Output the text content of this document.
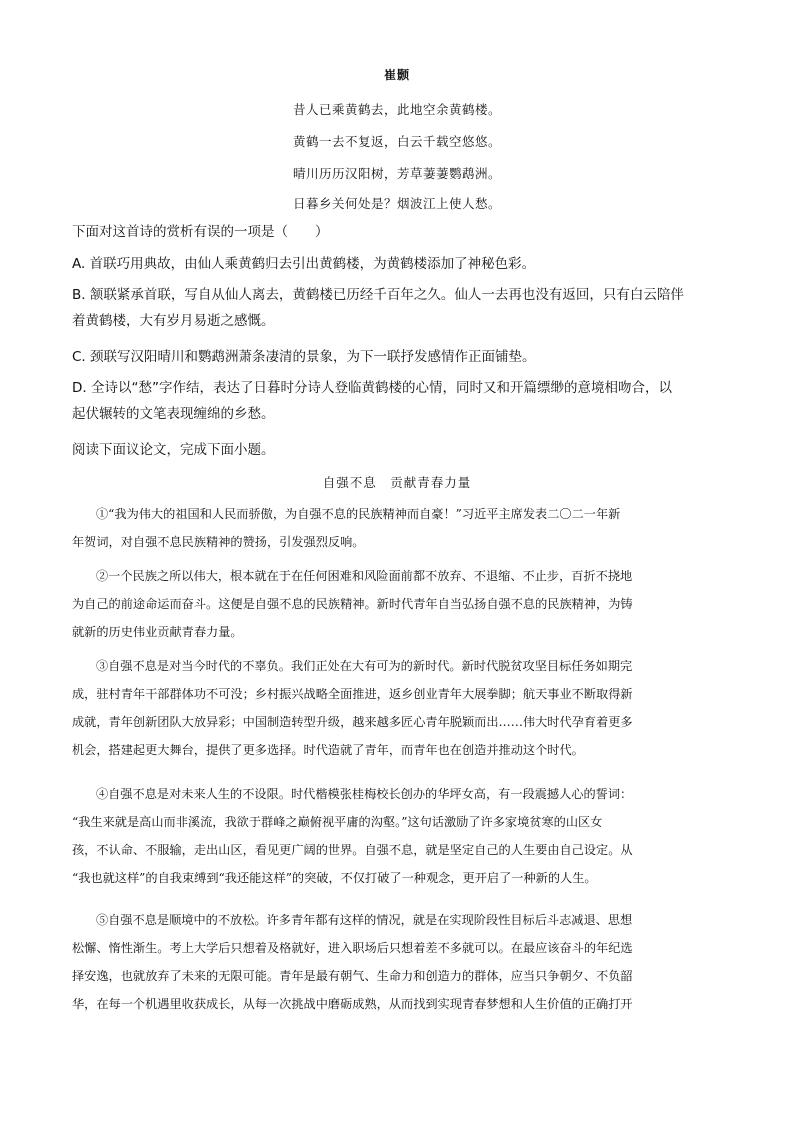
崔颢
昔人已乘黄鹤去，此地空余黄鹤楼。
黄鹤一去不复返，白云千载空悠悠。
晴川历历汉阳树，芳草萋萋鹦鹉洲。
日暮乡关何处是？烟波江上使人愁。
下面对这首诗的赏析有误的一项是（　　）
A. 首联巧用典故，由仙人乘黄鹤归去引出黄鹤楼，为黄鹤楼添加了神秘色彩。
B. 颔联紧承首联，写自从仙人离去，黄鹤楼已历经千百年之久。仙人一去再也没有返回，只有白云陪伴
着黄鹤楼，大有岁月易逝之感慨。
C. 颈联写汉阳晴川和鹦鹉洲萧条凄清的景象，为下一联抒发感情作正面铺垫。
D. 全诗以“愁”字作结，表达了日暮时分诗人登临黄鹤楼的心情，同时又和开篇缥缈的意境相吻合，以
起伏辗转的文笔表现缠绵的乡愁。
阅读下面议论文，完成下面小题。
自强不息　贡献青春力量
①“我为伟大的祖国和人民而骄傲，为自强不息的民族精神而自豪！”习近平主席发表二〇二一年新
年贺词，对自强不息民族精神的赞扬，引发强烈反响。
②一个民族之所以伟大，根本就在于在任何困难和风险面前都不放弃、不退缩、不止步，百折不挠地
为自己的前途命运而奋斗。这便是自强不息的民族精神。新时代青年自当弘扬自强不息的民族精神，为铸
就新的历史伟业贡献青春力量。
③自强不息是对当今时代的不辜负。我们正处在大有可为的新时代。新时代脱贫攻坚目标任务如期完
成，驻村青年干部群体功不可没；乡村振兴战略全面推进，返乡创业青年大展拳脚；航天事业不断取得新
成就，青年创新团队大放异彩；中国制造转型升级，越来越多匠心青年脱颖而出……伟大时代孕育着更多
机会，搭建起更大舞台，提供了更多选择。时代造就了青年，而青年也在创造并推动这个时代。
④自强不息是对未来人生的不设限。时代楷模张桂梅校长创办的华坪女高，有一段震撼人心的誓词：
“我生来就是高山而非溪流，我欲于群峰之巅俯视平庸的沟壑。”这句话激励了许多家境贫寒的山区女
孩，不认命、不服输，走出山区，看见更广阔的世界。自强不息，就是坚定自己的人生要由自己设定。从
“我也就这样”的自我束缚到“我还能这样”的突破，不仅打破了一种观念，更开启了一种新的人生。
⑤自强不息是顺境中的不放松。许多青年都有这样的情况，就是在实现阶段性目标后斗志减退、思想
松懈、惰性渐生。考上大学后只想着及格就好，进入职场后只想着差不多就可以。在最应该奋斗的年纪选
择安逸，也就放弃了未来的无限可能。青年是最有朝气、生命力和创造力的群体，应当只争朝夕、不负韶
华，在每一个机遇里收获成长，从每一次挑战中磨砺成熟，从而找到实现青春梦想和人生价值的正确打开
